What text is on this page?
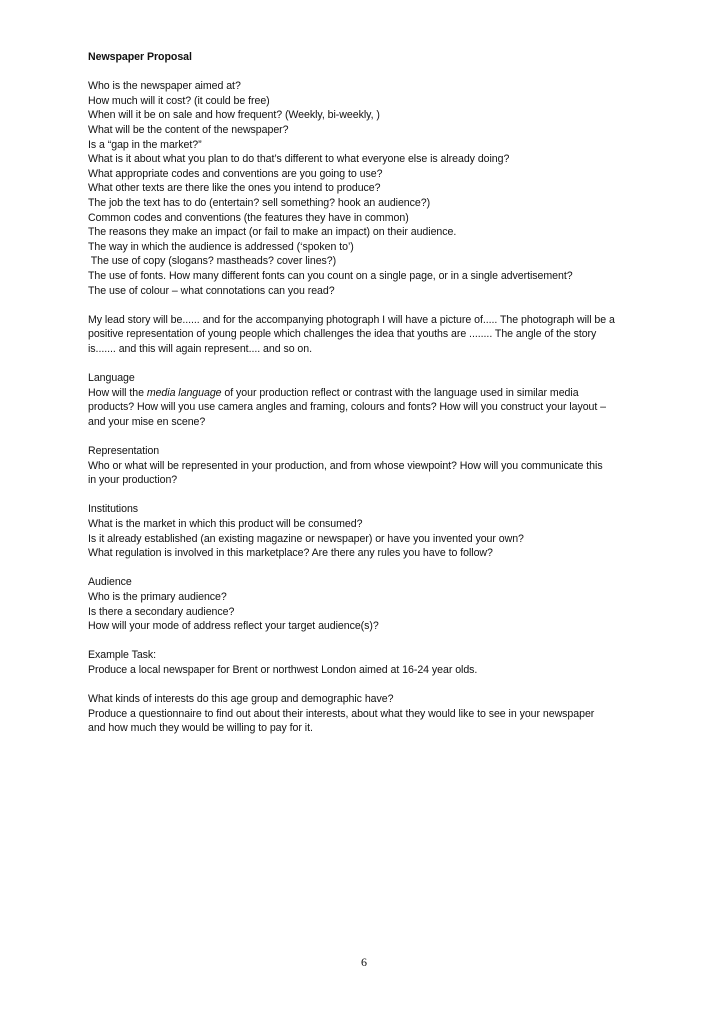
Newspaper Proposal
Who is the newspaper aimed at?
How much will it cost? (it could be free)
When will it be on sale and how frequent? (Weekly, bi-weekly, )
What will be the content of the newspaper?
Is a “gap in the market?”
What is it about what you plan to do that’s different to what everyone else is already doing?
What appropriate codes and conventions are you going to use?
What other texts are there like the ones you intend to produce?
The job the text has to do (entertain? sell something? hook an audience?)
Common codes and conventions (the features they have in common)
The reasons they make an impact (or fail to make an impact) on their audience.
The way in which the audience is addressed (‘spoken to’)
The use of copy (slogans? mastheads? cover lines?)
The use of fonts. How many different fonts can you count on a single page, or in a single advertisement?
The use of colour – what connotations can you read?
My lead story will be...... and for the accompanying photograph I will have a picture of..... The photograph will be a
positive representation of young people which challenges the idea that youths are ........ The angle of the story
is....... and this will again represent.... and so on.
Language
How will the media language of your production reflect or contrast with the language used in similar media
products? How will you use camera angles and framing, colours and fonts? How will you construct your layout –
and your mise en scene?
Representation
Who or what will be represented in your production, and from whose viewpoint? How will you communicate this
in your production?
Institutions
What is the market in which this product will be consumed?
Is it already established (an existing magazine or newspaper) or have you invented your own?
What regulation is involved in this marketplace? Are there any rules you have to follow?
Audience
Who is the primary audience?
Is there a secondary audience?
How will your mode of address reflect your target audience(s)?
Example Task:
Produce a local newspaper for Brent or northwest London aimed at 16-24 year olds.
What kinds of interests do this age group and demographic have?
Produce a questionnaire to find out about their interests, about what they would like to see in your newspaper
and how much they would be willing to pay for it.
6
